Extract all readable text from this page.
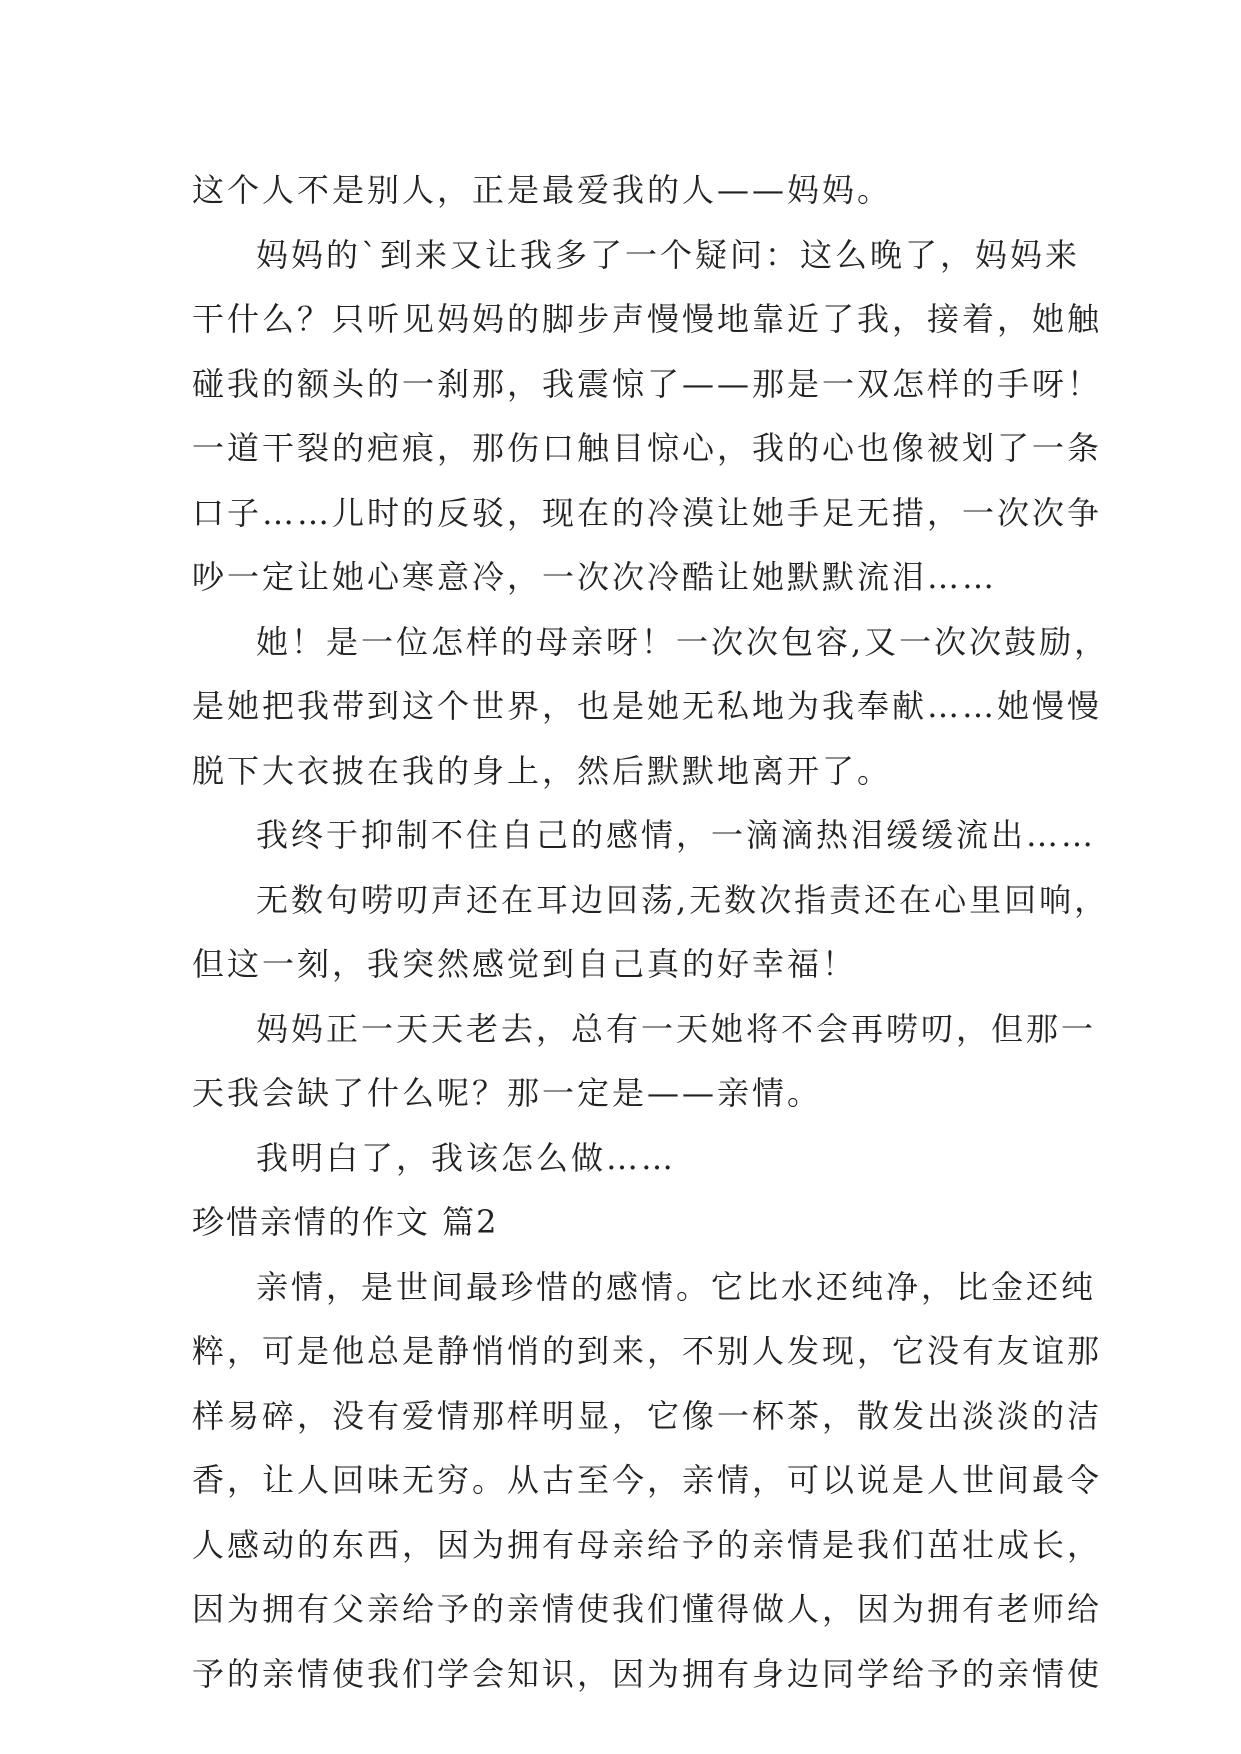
这个人不是别人，正是最爱我的人——妈妈。
妈妈的`到来又让我多了一个疑问：这么晚了，妈妈来
干什么？只听见妈妈的脚步声慢慢地靠近了我，接着，她触
碰我的额头的一刹那，我震惊了——那是一双怎样的手呀！
一道干裂的疤痕，那伤口触目惊心，我的心也像被划了一条
口子……儿时的反驳，现在的冷漠让她手足无措，一次次争
吵一定让她心寒意冷，一次次冷酷让她默默流泪……
她！是一位怎样的母亲呀！一次次包容,又一次次鼓励，
是她把我带到这个世界，也是她无私地为我奉献……她慢慢
脱下大衣披在我的身上，然后默默地离开了。
我终于抑制不住自己的感情，一滴滴热泪缓缓流出……
无数句唠叨声还在耳边回荡,无数次指责还在心里回响，
但这一刻，我突然感觉到自己真的好幸福！
妈妈正一天天老去，总有一天她将不会再唠叨，但那一
天我会缺了什么呢？那一定是——亲情。
我明白了，我该怎么做……
珍惜亲情的作文 篇2
亲情，是世间最珍惜的感情。它比水还纯净，比金还纯
粹，可是他总是静悄悄的到来，不别人发现，它没有友谊那
样易碎，没有爱情那样明显，它像一杯茶，散发出淡淡的洁
香，让人回味无穷。从古至今，亲情，可以说是人世间最令
人感动的东西，因为拥有母亲给予的亲情是我们茁壮成长，
因为拥有父亲给予的亲情使我们懂得做人，因为拥有老师给
予的亲情使我们学会知识，因为拥有身边同学给予的亲情使
